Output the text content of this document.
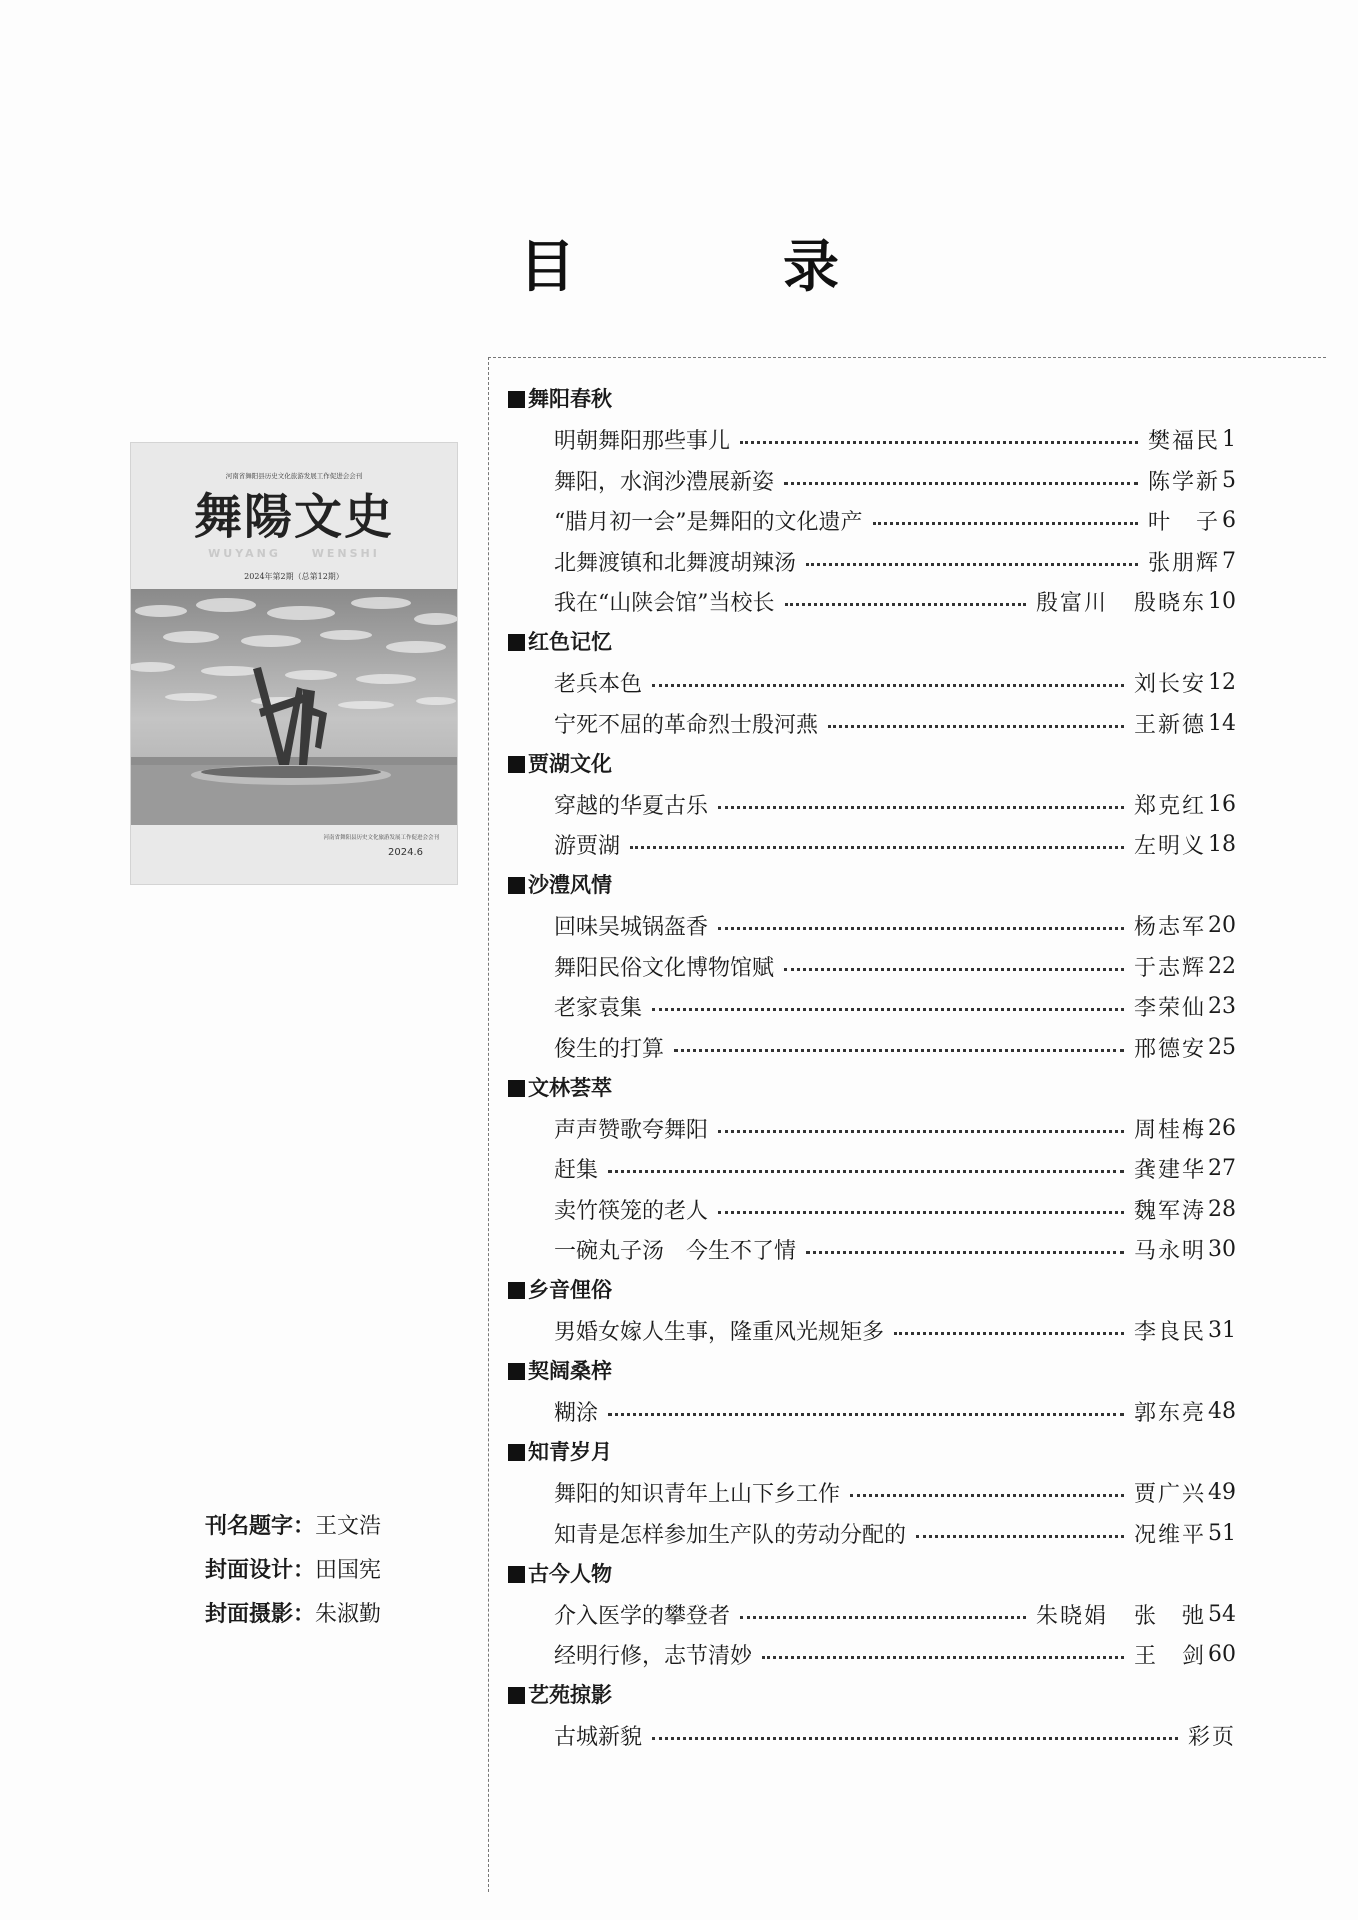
目　录
河南省舞阳县历史文化旅游发展工作促进会会刊
舞陽文史
WUYANG WENSHI
2024年第2期（总第12期）
河南省舞阳县历史文化旅游发展工作促进会会刊
2024.6
刊名题字：王文浩
封面设计：田国宪
封面摄影：朱淑勤
舞阳春秋
明朝舞阳那些事儿	樊福民 1
舞阳，水润沙澧展新姿	陈学新 5
“腊月初一会”是舞阳的文化遗产	叶　子 6
北舞渡镇和北舞渡胡辣汤	张朋辉 7
我在“山陕会馆”当校长	殷富川 殷晓东 10
红色记忆
老兵本色	刘长安 12
宁死不屈的革命烈士殷河燕	王新德 14
贾湖文化
穿越的华夏古乐	郑克红 16
游贾湖	左明义 18
沙澧风情
回味吴城锅盔香	杨志军 20
舞阳民俗文化博物馆赋	于志辉 22
老家袁集	李荣仙 23
俊生的打算	邢德安 25
文林荟萃
声声赞歌夸舞阳	周桂梅 26
赶集	龚建华 27
卖竹筷笼的老人	魏军涛 28
一碗丸子汤　今生不了情	马永明 30
乡音俚俗
男婚女嫁人生事，隆重风光规矩多	李良民 31
契阔桑梓
糊涂	郭东亮 48
知青岁月
舞阳的知识青年上山下乡工作	贾广兴 49
知青是怎样参加生产队的劳动分配的	况维平 51
古今人物
介入医学的攀登者	朱晓娟 张　弛 54
经明行修，志节清妙	王　剑 60
艺苑掠影
古城新貌	彩页
